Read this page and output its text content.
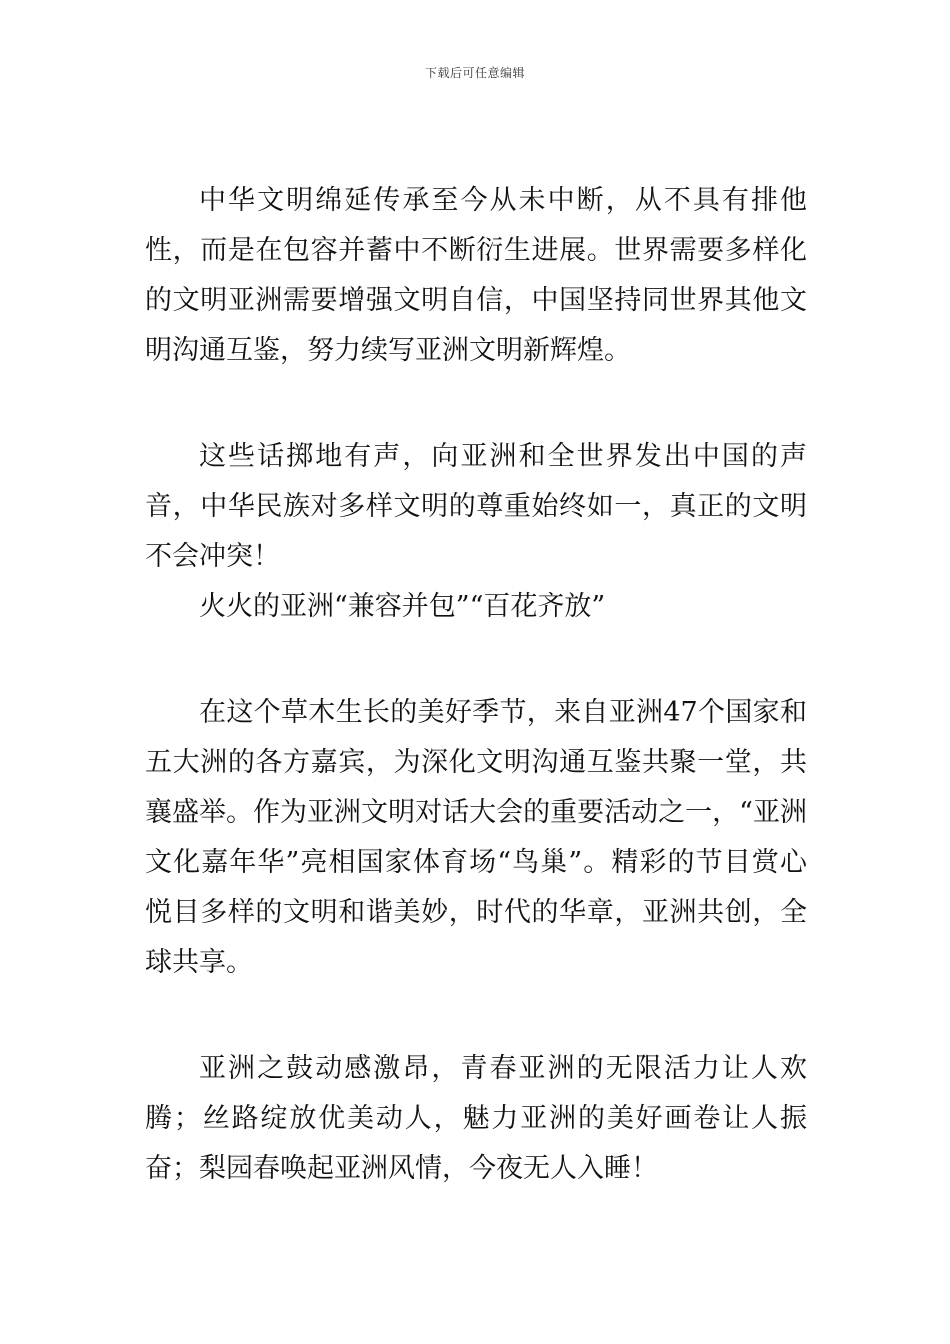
下载后可任意编辑

中华文明绵延传承至今从未中断，从不具有排他性，而是在包容并蓄中不断衍生进展。世界需要多样化的文明亚洲需要增强文明自信，中国坚持同世界其他文明沟通互鉴，努力续写亚洲文明新辉煌。

这些话掷地有声，向亚洲和全世界发出中国的声音，中华民族对多样文明的尊重始终如一，真正的文明不会冲突！

火火的亚洲“兼容并包”“百花齐放”

在这个草木生长的美好季节，来自亚洲47个国家和五大洲的各方嘉宾，为深化文明沟通互鉴共聚一堂，共襄盛举。作为亚洲文明对话大会的重要活动之一，“亚洲文化嘉年华”亮相国家体育场“鸟巢”。精彩的节目赏心悦目多样的文明和谐美妙，时代的华章，亚洲共创，全球共享。

亚洲之鼓动感激昂，青春亚洲的无限活力让人欢腾；丝路绽放优美动人，魅力亚洲的美好画卷让人振奋；梨园春唤起亚洲风情，今夜无人入睡！
